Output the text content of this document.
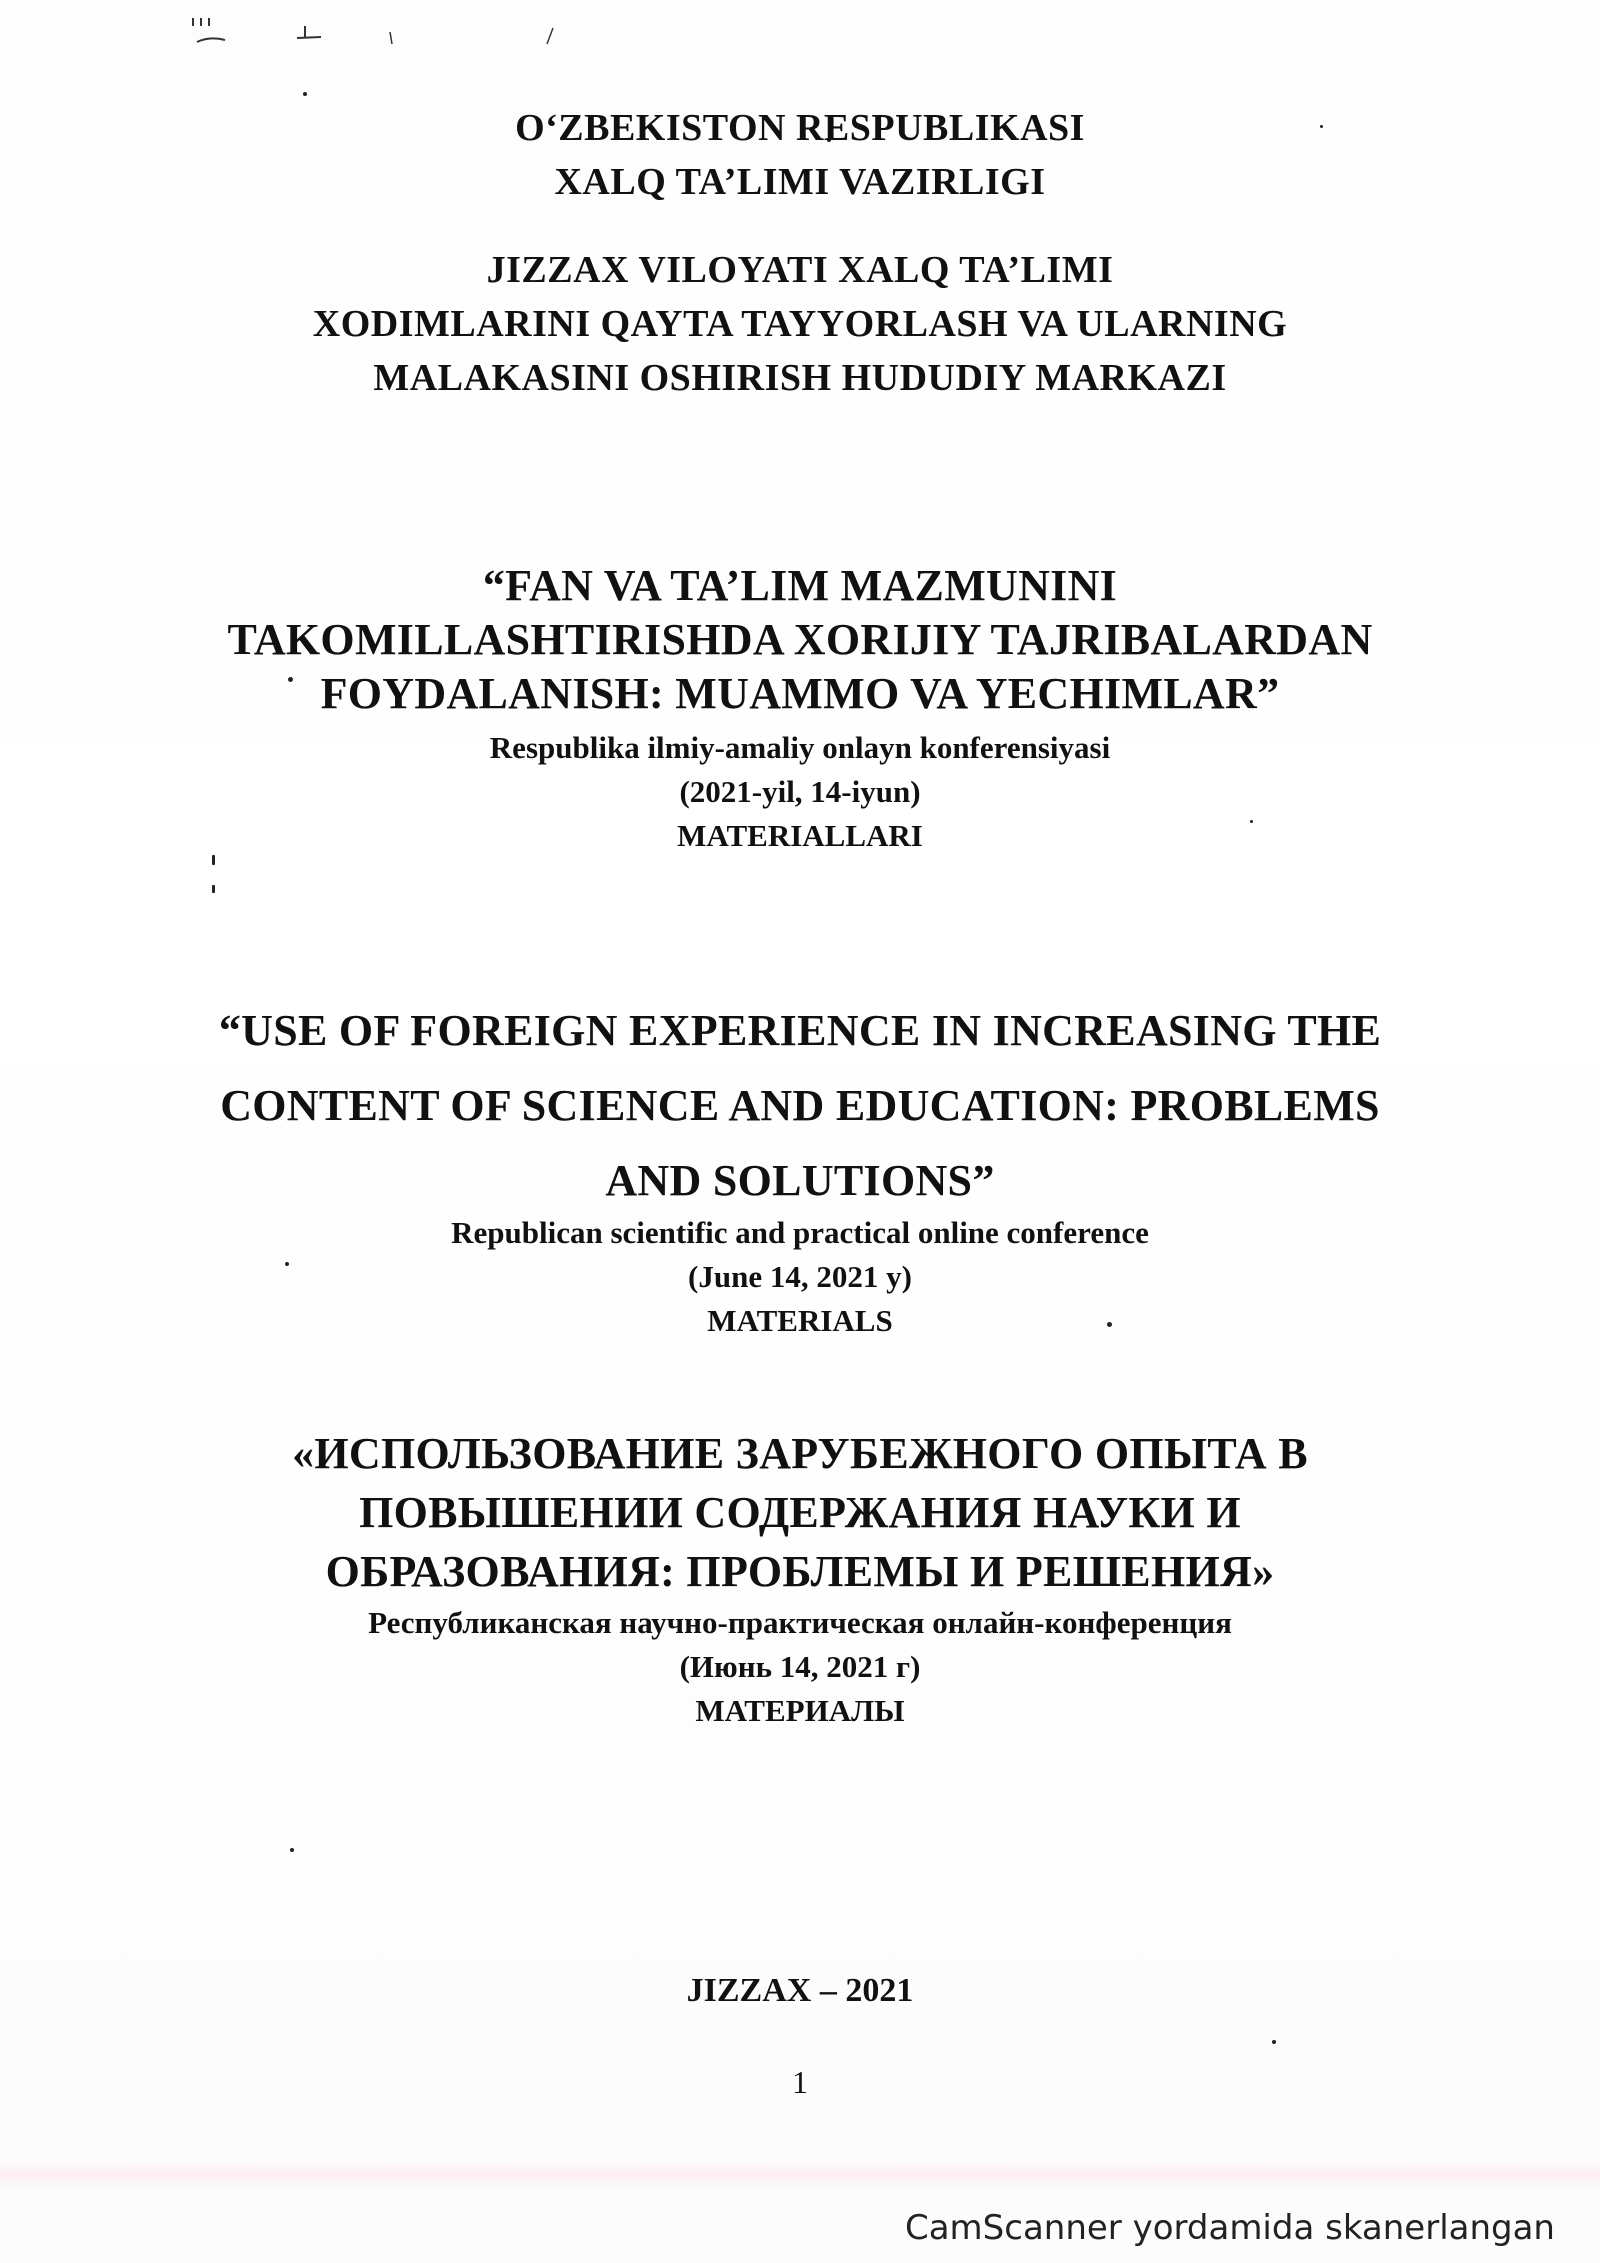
O‘ZBEKISTON RESPUBLIKASI
XALQ TA’LIMI VAZIRLIGI
JIZZAX VILOYATI XALQ TA’LIMI
XODIMLARINI QAYTA TAYYORLASH VA ULARNING
MALAKASINI OSHIRISH HUDUDIY MARKAZI
“FAN VA TA’LIM MAZMUNINI
TAKOMILLASHTIRISHDA XORIJIY TAJRIBALARDAN
FOYDALANISH: MUAMMO VA YECHIMLAR”
Respublika ilmiy-amaliy onlayn konferensiyasi
(2021-yil, 14-iyun)
MATERIALLARI
“USE OF FOREIGN EXPERIENCE IN INCREASING THE
CONTENT OF SCIENCE AND EDUCATION: PROBLEMS
AND SOLUTIONS”
Republican scientific and practical online conference
(June 14, 2021 y)
MATERIALS
«ИСПОЛЬЗОВАНИЕ ЗАРУБЕЖНОГО ОПЫТА В
ПОВЫШЕНИИ СОДЕРЖАНИЯ НАУКИ И
ОБРАЗОВАНИЯ: ПРОБЛЕМЫ И РЕШЕНИЯ»
Республиканская научно-практическая онлайн-конференция
(Июнь 14, 2021 г)
МАТЕРИАЛЫ
JIZZAX – 2021
1
CamScanner yordamida skanerlangan
